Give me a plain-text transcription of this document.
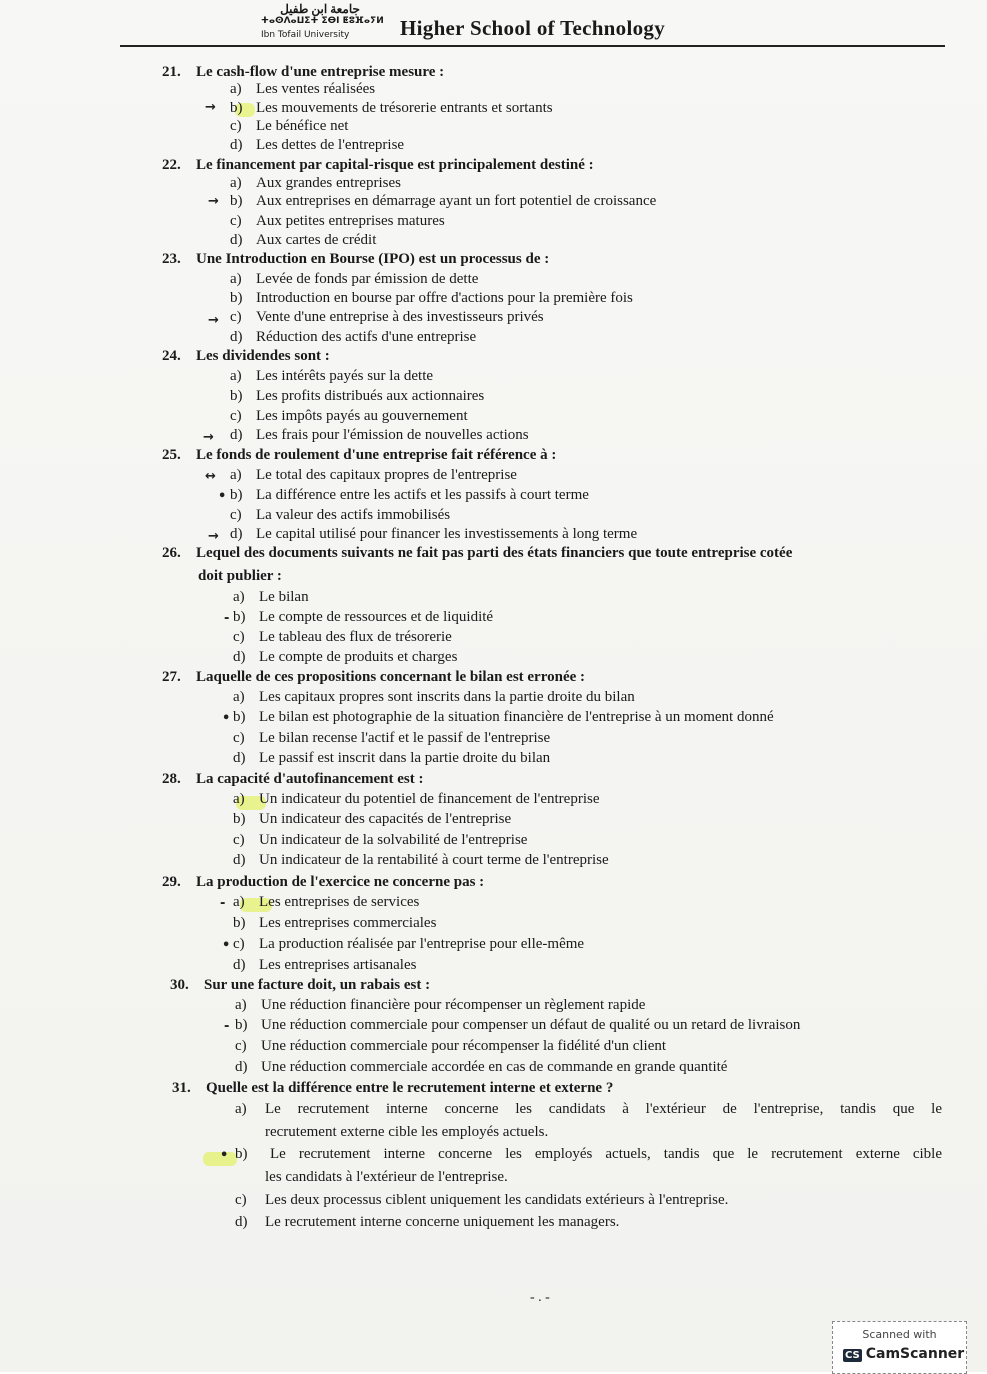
جامعة ابن طفيل
ⵜⴰⵙⴷⴰⵡⵉⵜ ⵉⴱⵏ ⵟⵓⴼⴰⵢⵍ
Ibn Tofail University Higher School of Technology
21. Le cash-flow d'une entreprise mesure :
a) Les ventes réalisées
→ b) Les mouvements de trésorerie entrants et sortants
c) Le bénéfice net
d) Les dettes de l'entreprise
22. Le financement par capital-risque est principalement destiné :
a) Aux grandes entreprises
→ b) Aux entreprises en démarrage ayant un fort potentiel de croissance
c) Aux petites entreprises matures
d) Aux cartes de crédit
23. Une Introduction en Bourse (IPO) est un processus de :
a) Levée de fonds par émission de dette
b) Introduction en bourse par offre d'actions pour la première fois
→ c) Vente d'une entreprise à des investisseurs privés
d) Réduction des actifs d'une entreprise
24. Les dividendes sont :
a) Les intérêts payés sur la dette
b) Les profits distribués aux actionnaires
c) Les impôts payés au gouvernement
→ d) Les frais pour l'émission de nouvelles actions
25. Le fonds de roulement d'une entreprise fait référence à :
↔ a) Le total des capitaux propres de l'entreprise
• b) La différence entre les actifs et les passifs à court terme
c) La valeur des actifs immobilisés
→ d) Le capital utilisé pour financer les investissements à long terme
26. Lequel des documents suivants ne fait pas parti des états financiers que toute entreprise cotée
doit publier :
a) Le bilan
- b) Le compte de ressources et de liquidité
c) Le tableau des flux de trésorerie
d) Le compte de produits et charges
27. Laquelle de ces propositions concernant le bilan est erronée :
a) Les capitaux propres sont inscrits dans la partie droite du bilan
• b) Le bilan est photographie de la situation financière de l'entreprise à un moment donné
c) Le bilan recense l'actif et le passif de l'entreprise
d) Le passif est inscrit dans la partie droite du bilan
28. La capacité d'autofinancement est :
a) Un indicateur du potentiel de financement de l'entreprise
b) Un indicateur des capacités de l'entreprise
c) Un indicateur de la solvabilité de l'entreprise
d) Un indicateur de la rentabilité à court terme de l'entreprise
29. La production de l'exercice ne concerne pas :
- a) Les entreprises de services
b) Les entreprises commerciales
• c) La production réalisée par l'entreprise pour elle-même
d) Les entreprises artisanales
30. Sur une facture doit, un rabais est :
a) Une réduction financière pour récompenser un règlement rapide
- b) Une réduction commerciale pour compenser un défaut de qualité ou un retard de livraison
c) Une réduction commerciale pour récompenser la fidélité d'un client
d) Une réduction commerciale accordée en cas de commande en grande quantité
31. Quelle est la différence entre le recrutement interne et externe ?
a) Le recrutement interne concerne les candidats à l'extérieur de l'entreprise, tandis que le
recrutement externe cible les employés actuels.
• b) Le recrutement interne concerne les employés actuels, tandis que le recrutement externe cible
les candidats à l'extérieur de l'entreprise.
c) Les deux processus ciblent uniquement les candidats extérieurs à l'entreprise.
d) Le recrutement interne concerne uniquement les managers.
- . -
Scanned with
CS CamScanner
